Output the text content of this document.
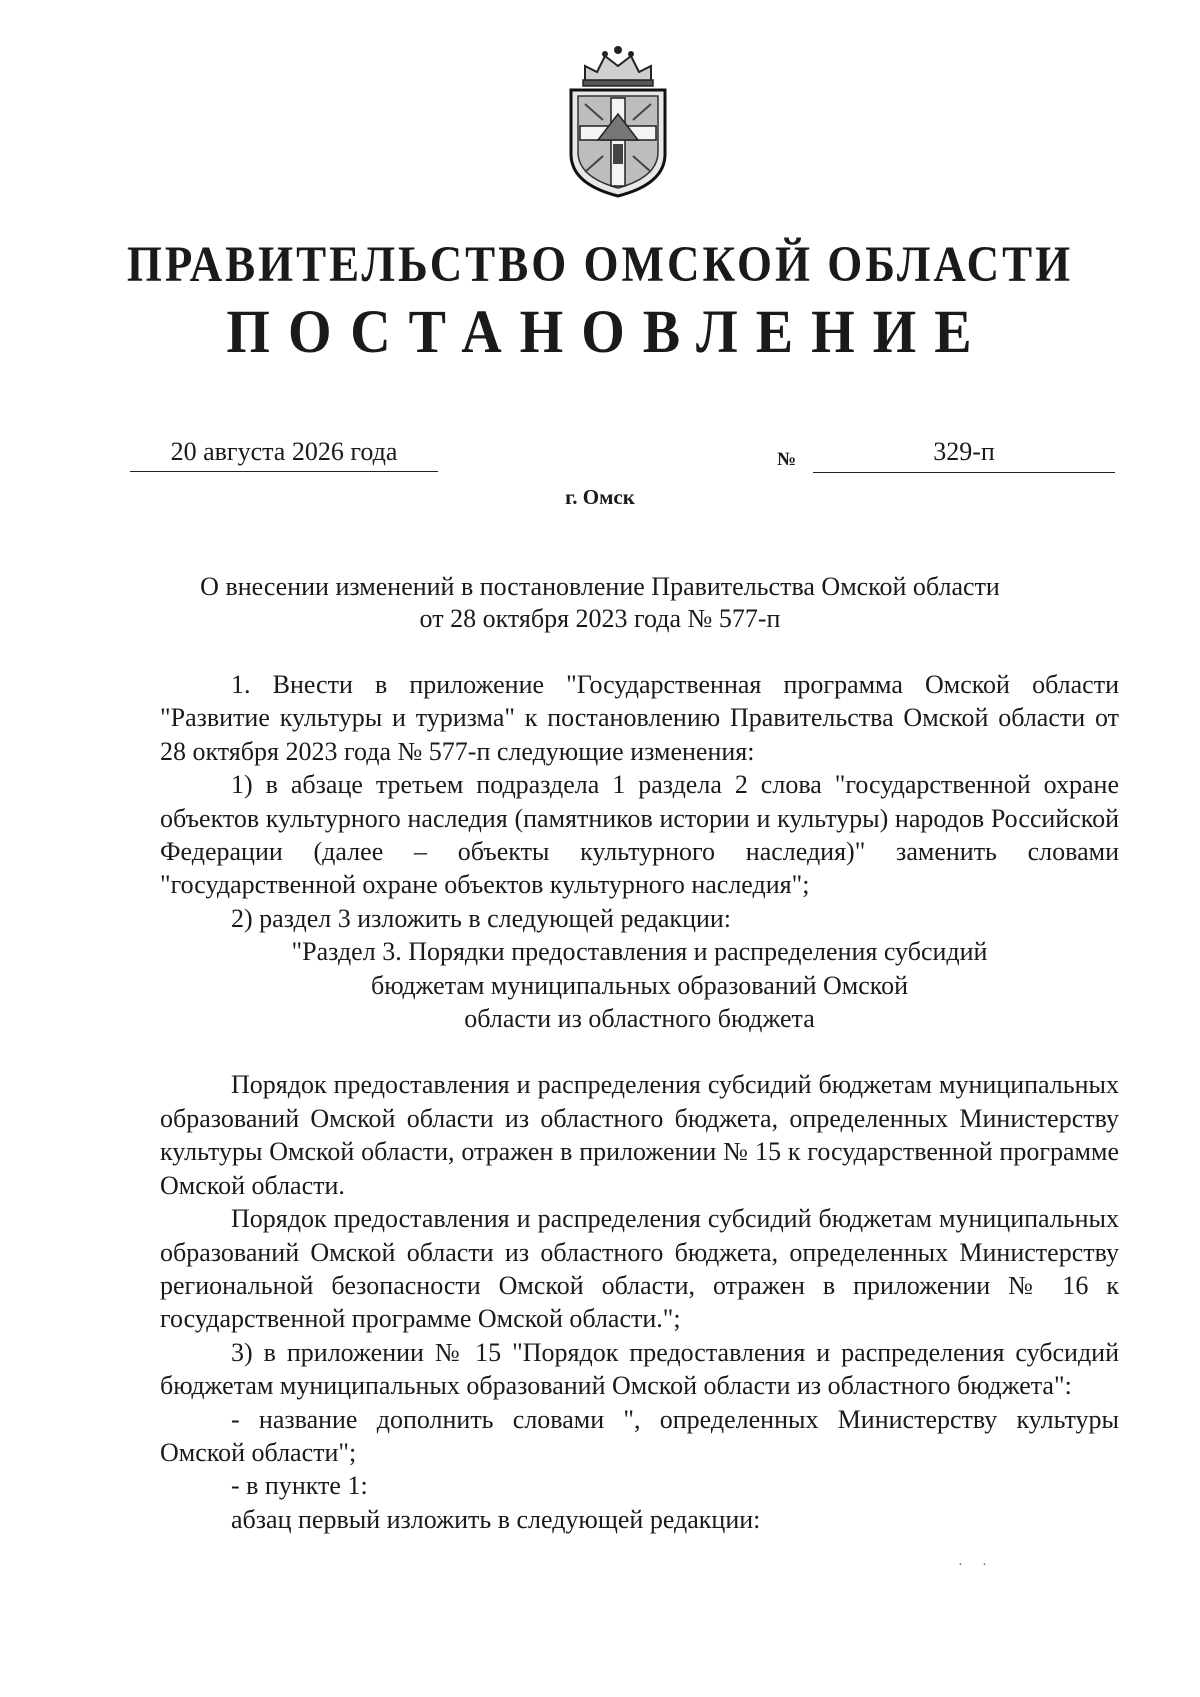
ПРАВИТЕЛЬСТВО ОМСКОЙ ОБЛАСТИ
ПОСТАНОВЛЕНИЕ
20 августа 2026 года	№	329-п
г. Омск
О внесении изменений в постановление Правительства Омской области
от 28 октября 2023 года № 577-п

1. Внести в приложение "Государственная программа Омской области "Развитие культуры и туризма" к постановлению Правительства Омской области от 28 октября 2023 года № 577-п следующие изменения:

1) в абзаце третьем подраздела 1 раздела 2 слова "государственной охране объектов культурного наследия (памятников истории и культуры) народов Российской Федерации (далее – объекты культурного наследия)" заменить словами "государственной охране объектов культурного наследия";

2) раздел 3 изложить в следующей редакции:

"Раздел 3. Порядки предоставления и распределения субсидий
бюджетам муниципальных образований Омской
области из областного бюджета

Порядок предоставления и распределения субсидий бюджетам муниципальных образований Омской области из областного бюджета, определенных Министерству культуры Омской области, отражен в приложении № 15 к государственной программе Омской области.

Порядок предоставления и распределения субсидий бюджетам муниципальных образований Омской области из областного бюджета, определенных Министерству региональной безопасности Омской области, отражен в приложении № 16 к государственной программе Омской области.";

3) в приложении № 15 "Порядок предоставления и распределения субсидий бюджетам муниципальных образований Омской области из областного бюджета":

- название дополнить словами ", определенных Министерству культуры Омской области";

- в пункте 1:

абзац первый изложить в следующей редакции:

· ·
